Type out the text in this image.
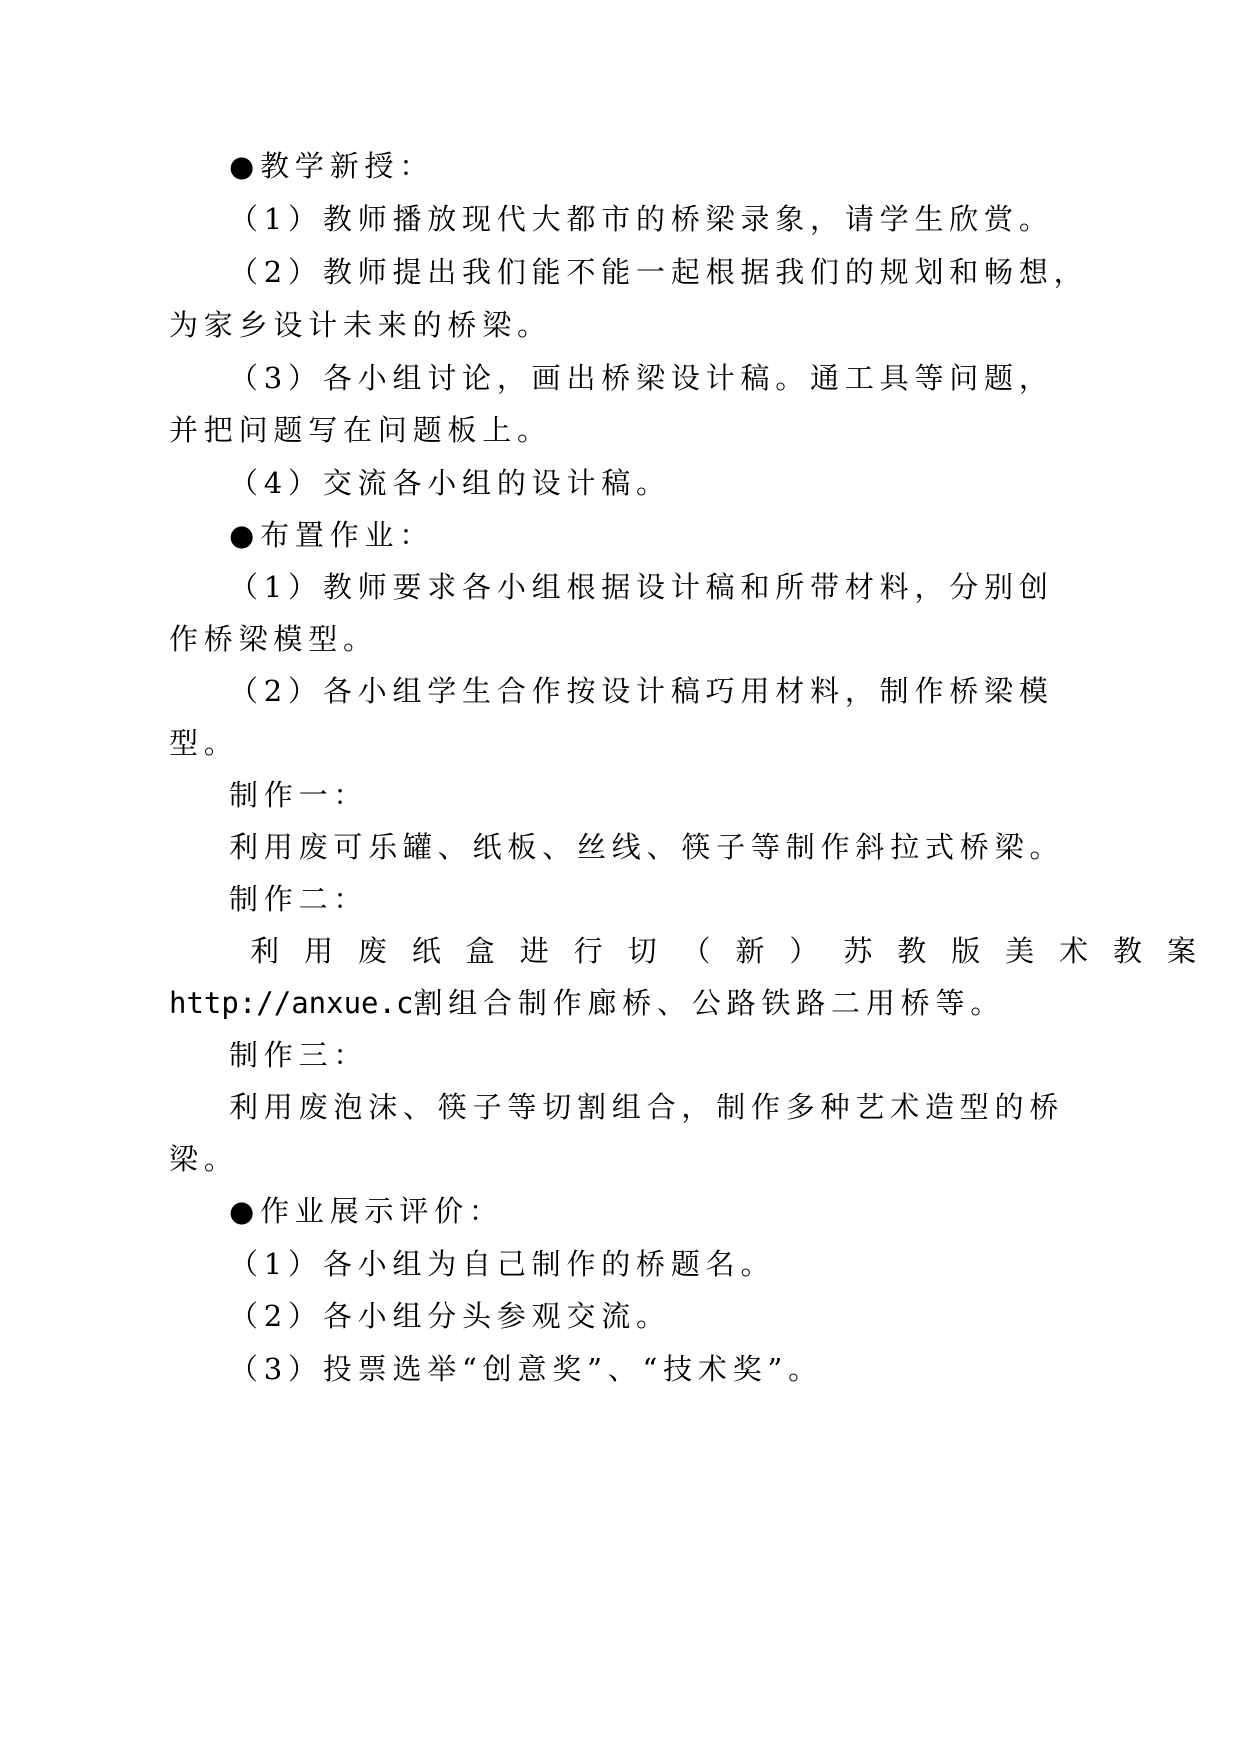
●教学新授：
（1）教师播放现代大都市的桥梁录象，请学生欣赏。
（2）教师提出我们能不能一起根据我们的规划和畅想，
为家乡设计未来的桥梁。
（3）各小组讨论，画出桥梁设计稿。通工具等问题，
并把问题写在问题板上。
（4）交流各小组的设计稿。
●布置作业：
（1）教师要求各小组根据设计稿和所带材料，分别创
作桥梁模型。
（2）各小组学生合作按设计稿巧用材料，制作桥梁模
型。
制作一：
利用废可乐罐、纸板、丝线、筷子等制作斜拉式桥梁。
制作二：
利用废纸盒进行切（新）苏教版美术教案
http://anxue.c割组合制作廊桥、公路铁路二用桥等。
制作三：
利用废泡沫、筷子等切割组合，制作多种艺术造型的桥
梁。
●作业展示评价：
（1）各小组为自己制作的桥题名。
（2）各小组分头参观交流。
（3）投票选举“创意奖”、“技术奖”。
